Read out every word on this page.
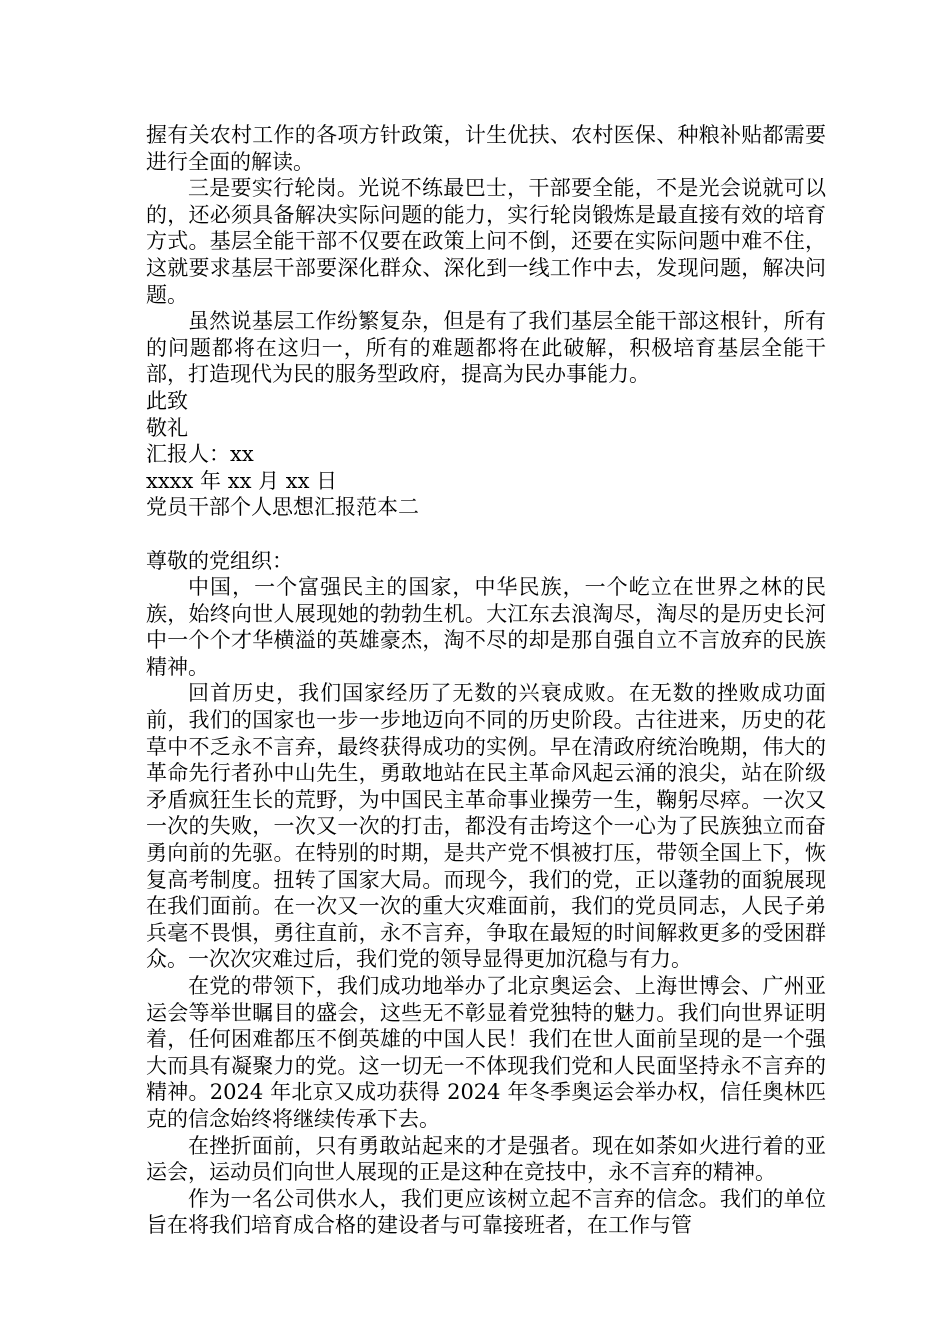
握有关农村工作的各项方针政策，计生优扶、农村医保、种粮补贴都需要进行全面的解读。

三是要实行轮岗。光说不练最巴士，干部要全能，不是光会说就可以的，还必须具备解决实际问题的能力，实行轮岗锻炼是最直接有效的培育方式。基层全能干部不仅要在政策上问不倒，还要在实际问题中难不住，这就要求基层干部要深化群众、深化到一线工作中去，发现问题，解决问题。

虽然说基层工作纷繁复杂，但是有了我们基层全能干部这根针，所有的问题都将在这归一，所有的难题都将在此破解，积极培育基层全能干部，打造现代为民的服务型政府，提高为民办事能力。

此致

敬礼

汇报人：xx

xxxx 年 xx 月 xx 日

党员干部个人思想汇报范本二

尊敬的党组织：

中国，一个富强民主的国家，中华民族，一个屹立在世界之林的民族，始终向世人展现她的勃勃生机。大江东去浪淘尽，淘尽的是历史长河中一个个才华横溢的英雄豪杰，淘不尽的却是那自强自立不言放弃的民族精神。

回首历史，我们国家经历了无数的兴衰成败。在无数的挫败成功面前，我们的国家也一步一步地迈向不同的历史阶段。古往进来，历史的花草中不乏永不言弃，最终获得成功的实例。早在清政府统治晚期，伟大的革命先行者孙中山先生，勇敢地站在民主革命风起云涌的浪尖，站在阶级矛盾疯狂生长的荒野，为中国民主革命事业操劳一生，鞠躬尽瘁。一次又一次的失败，一次又一次的打击，都没有击垮这个一心为了民族独立而奋勇向前的先驱。在特别的时期，是共产党不惧被打压，带领全国上下，恢复高考制度。扭转了国家大局。而现今，我们的党，正以蓬勃的面貌展现在我们面前。在一次又一次的重大灾难面前，我们的党员同志，人民子弟兵毫不畏惧，勇往直前，永不言弃，争取在最短的时间解救更多的受困群众。一次次灾难过后，我们党的领导显得更加沉稳与有力。

在党的带领下，我们成功地举办了北京奥运会、上海世博会、广州亚运会等举世瞩目的盛会，这些无不彰显着党独特的魅力。我们向世界证明着，任何困难都压不倒英雄的中国人民！我们在世人面前呈现的是一个强大而具有凝聚力的党。这一切无一不体现我们党和人民面坚持永不言弃的精神。2024 年北京又成功获得 2024 年冬季奥运会举办权，信任奥林匹克的信念始终将继续传承下去。

在挫折面前，只有勇敢站起来的才是强者。现在如荼如火进行着的亚运会，运动员们向世人展现的正是这种在竞技中，永不言弃的精神。

作为一名公司供水人，我们更应该树立起不言弃的信念。我们的单位旨在将我们培育成合格的建设者与可靠接班者，在工作与管
